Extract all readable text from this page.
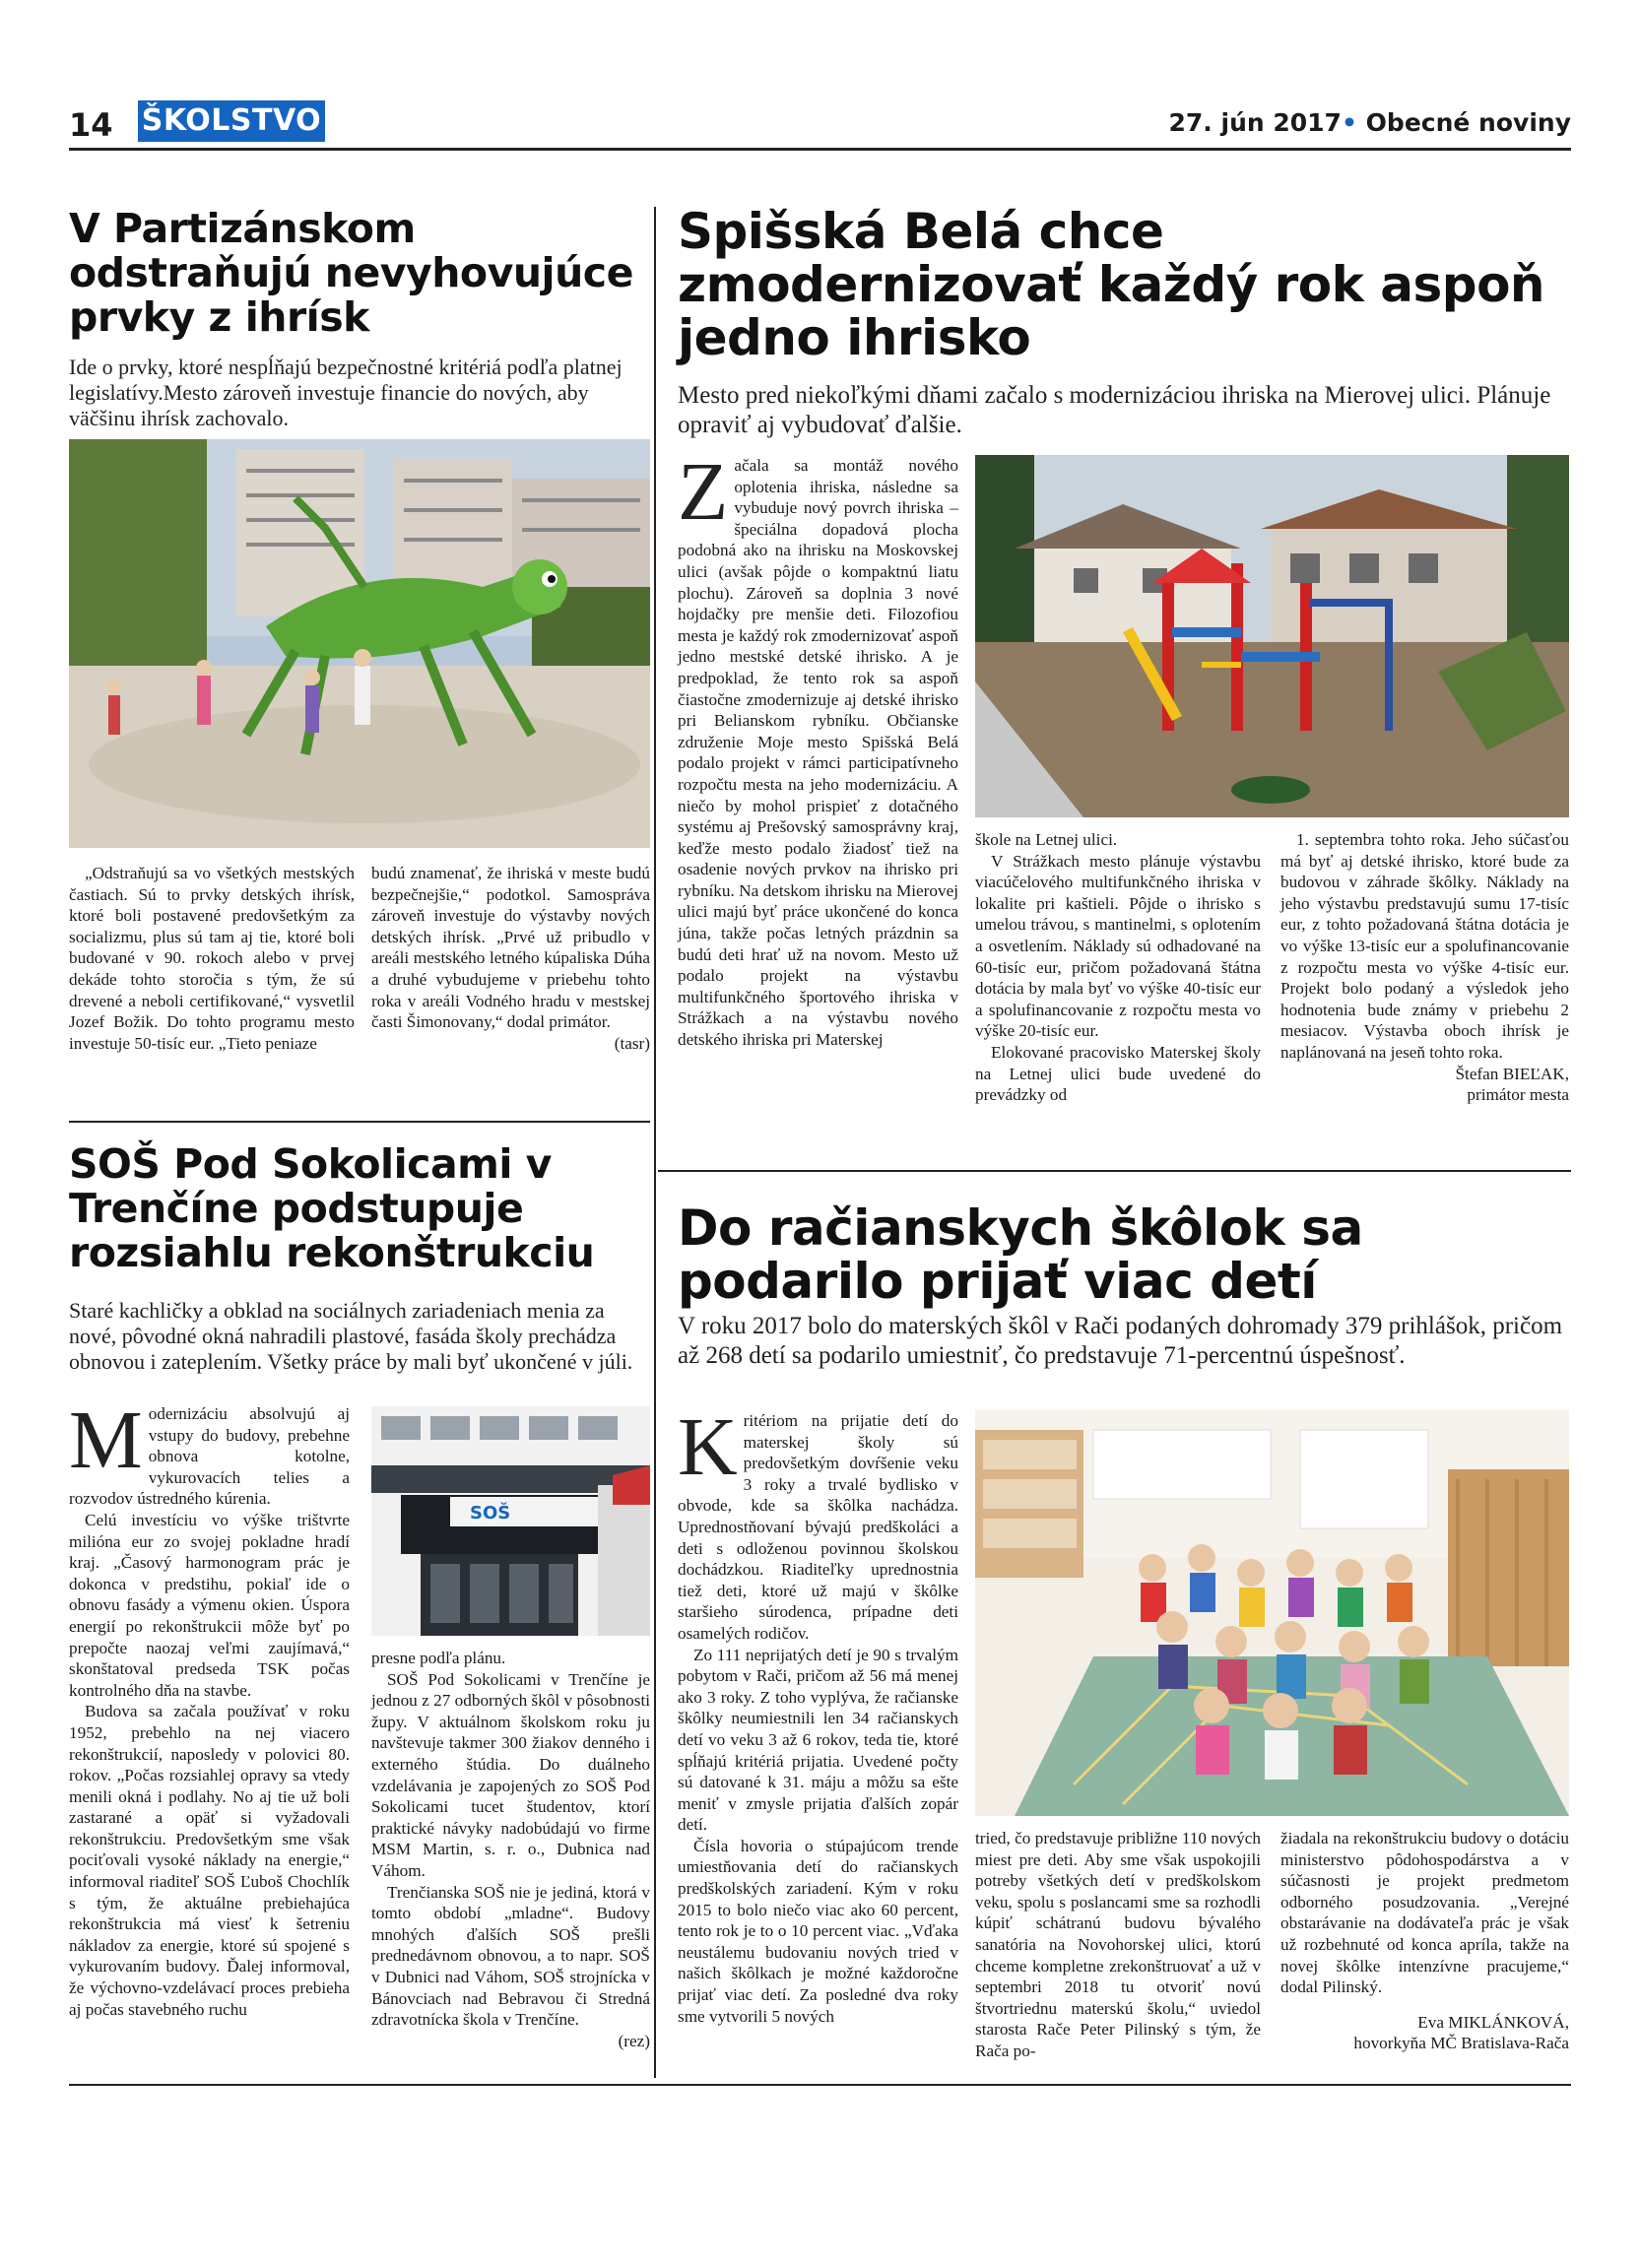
14 ŠKOLSTVO	27. jún 2017• Obecné noviny
V Partizánskom odstraňujú nevyhovujúce prvky z ihrísk

Ide o prvky, ktoré nespĺňajú bezpečnostné kritériá podľa platnej legislatívy.Mesto zároveň investuje financie do nových, aby väčšinu ihrísk zachovalo.

„Odstraňujú sa vo všetkých mestských častiach. Sú to prvky detských ihrísk, ktoré boli postavené predovšetkým za socializmu, plus sú tam aj tie, ktoré boli budované v 90. rokoch alebo v prvej dekáde tohto storočia s tým, že sú drevené a neboli certifikované,“ vysvetlil Jozef Božik. Do tohto programu mesto investuje 50-tisíc eur. „Tieto peniaze

budú znamenať, že ihriská v meste budú bezpečnejšie,“ podotkol. Samospráva zároveň investuje do výstavby nových detských ihrísk. „Prvé už pribudlo v areáli mestského letného kúpaliska Dúha a druhé vybudujeme v priebehu tohto roka v areáli Vodného hradu v mestskej časti Šimonovany,“ dodal primátor.

(tasr)

Spišská Belá chce zmodernizovať každý rok aspoň jedno ihrisko

Mesto pred niekoľkými dňami začalo s modernizáciou ihriska na Mierovej ulici. Plánuje opraviť aj vybudovať ďalšie.

Začala sa montáž nového oplotenia ihriska, následne sa vybuduje nový povrch ihriska – špeciálna dopadová plocha podobná ako na ihrisku na Moskovskej ulici (avšak pôjde o kompaktnú liatu plochu). Zároveň sa doplnia 3 nové hojdačky pre menšie deti. Filozofiou mesta je každý rok zmodernizovať aspoň jedno mestské detské ihrisko. A je predpoklad, že tento rok sa aspoň čiastočne zmodernizuje aj detské ihrisko pri Belianskom rybníku. Občianske združenie Moje mesto Spišská Belá podalo projekt v rámci participatívneho rozpočtu mesta na jeho modernizáciu. A niečo by mohol prispieť z dotačného systému aj Prešovský samosprávny kraj, keďže mesto podalo žiadosť tiež na osadenie nových prvkov na ihrisko pri rybníku. Na detskom ihrisku na Mierovej ulici majú byť práce ukončené do konca júna, takže počas letných prázdnin sa budú deti hrať už na novom. Mesto už podalo projekt na výstavbu multifunkčného športového ihriska v Strážkach a na výstavbu nového detského ihriska pri Materskej

škole na Letnej ulici.

V Strážkach mesto plánuje výstavbu viacúčelového multifunkčného ihriska v lokalite pri kaštieli. Pôjde o ihrisko s umelou trávou, s mantinelmi, s oplotením a osvetlením. Náklady sú odhadované na 60-tisíc eur, pričom požadovaná štátna dotácia by mala byť vo výške 40-tisíc eur a spolufinancovanie z rozpočtu mesta vo výške 20-tisíc eur.

Elokované pracovisko Materskej školy na Letnej ulici bude uvedené do prevádzky od

1. septembra tohto roka. Jeho súčasťou má byť aj detské ihrisko, ktoré bude za budovou v záhrade škôlky. Náklady na jeho výstavbu predstavujú sumu 17-tisíc eur, z tohto požadovaná štátna dotácia je vo výške 13-tisíc eur a spolufinancovanie z rozpočtu mesta vo výške 4-tisíc eur. Projekt bolo podaný a výsledok jeho hodnotenia bude známy v priebehu 2 mesiacov. Výstavba oboch ihrísk je naplánovaná na jeseň tohto roka.

Štefan BIEĽAK,

primátor mesta

SOŠ Pod Sokolicami v Trenčíne podstupuje rozsiahlu rekonštrukciu

Staré kachličky a obklad na sociálnych zariadeniach menia za nové, pôvodné okná nahradili plastové, fasáda školy prechádza obnovou i zateplením. Všetky práce by mali byť ukončené v júli.

Modernizáciu absolvujú aj vstupy do budovy, prebehne obnova kotolne, vykurovacích telies a rozvodov ústredného kúrenia.

Celú investíciu vo výške trištvrte milióna eur zo svojej pokladne hradí kraj. „Časový harmonogram prác je dokonca v predstihu, pokiaľ ide o obnovu fasády a výmenu okien. Úspora energií po rekonštrukcii môže byť po prepočte naozaj veľmi zaujímavá,“ skonštatoval predseda TSK počas kontrolného dňa na stavbe.

Budova sa začala používať v roku 1952, prebehlo na nej viacero rekonštrukcií, naposledy v polovici 80. rokov. „Počas rozsiahlej opravy sa vtedy menili okná i podlahy. No aj tie už boli zastarané a opäť si vyžadovali rekonštrukciu. Predovšetkým sme však pociťovali vysoké náklady na energie,“ informoval riaditeľ SOŠ Ľuboš Chochlík s tým, že aktuálne prebiehajúca rekonštrukcia má viesť k šetreniu nákladov za energie, ktoré sú spojené s vykurovaním budovy. Ďalej informoval, že výchovno-vzdelávací proces prebieha aj počas stavebného ruchu

SOŠ

presne podľa plánu.

SOŠ Pod Sokolicami v Trenčíne je jednou z 27 odborných škôl v pôsobnosti župy. V aktuálnom školskom roku ju navštevuje takmer 300 žiakov denného i externého štúdia. Do duálneho vzdelávania je zapojených zo SOŠ Pod Sokolicami tucet študentov, ktorí praktické návyky nadobúdajú vo firme MSM Martin, s. r. o., Dubnica nad Váhom.

Trenčianska SOŠ nie je jediná, ktorá v tomto období „mladne“. Budovy mnohých ďalších SOŠ prešli prednedávnom obnovou, a to napr. SOŠ v Dubnici nad Váhom, SOŠ strojnícka v Bánovciach nad Bebravou či Stredná zdravotnícka škola v Trenčíne.

(rez)

Do račianskych škôlok sa podarilo prijať viac detí

V roku 2017 bolo do materských škôl v Rači podaných dohromady 379 prihlášok, pričom až 268 detí sa podarilo umiestniť, čo predstavuje 71-percentnú úspešnosť.

Kritériom na prijatie detí do materskej školy sú predovšetkým dovŕšenie veku 3 roky a trvalé bydlisko v obvode, kde sa škôlka nachádza. Uprednostňovaní bývajú predškoláci a deti s odloženou povinnou školskou dochádzkou. Riaditeľky uprednostnia tiež deti, ktoré už majú v škôlke staršieho súrodenca, prípadne deti osamelých rodičov.

Zo 111 neprijatých detí je 90 s trvalým pobytom v Rači, pričom až 56 má menej ako 3 roky. Z toho vyplýva, že račianske škôlky neumiestnili len 34 račianskych detí vo veku 3 až 6 rokov, teda tie, ktoré spĺňajú kritériá prijatia. Uvedené počty sú datované k 31. máju a môžu sa ešte meniť v zmysle prijatia ďalších zopár detí.

Čísla hovoria o stúpajúcom trende umiestňovania detí do račianskych predškolských zariadení. Kým v roku 2015 to bolo niečo viac ako 60 percent, tento rok je to o 10 percent viac. „Vďaka neustálemu budovaniu nových tried v našich škôlkach je možné každoročne prijať viac detí. Za posledné dva roky sme vytvorili 5 nových

tried, čo predstavuje približne 110 nových miest pre deti. Aby sme však uspokojili potreby všetkých detí v predškolskom veku, spolu s poslancami sme sa rozhodli kúpiť schátranú budovu bývalého sanatória na Novohorskej ulici, ktorú chceme kompletne zrekonštruovať a už v septembri 2018 tu otvoriť novú štvortriednu materskú školu,“ uviedol starosta Rače Peter Pilinský s tým, že Rača po-

žiadala na rekonštrukciu budovy o dotáciu ministerstvo pôdohospodárstva a v súčasnosti je projekt predmetom odborného posudzovania. „Verejné obstarávanie na dodávateľa prác je však už rozbehnuté od konca apríla, takže na novej škôlke intenzívne pracujeme,“ dodal Pilinský.

Eva MIKLÁNKOVÁ,

hovorkyňa MČ Bratislava-Rača
